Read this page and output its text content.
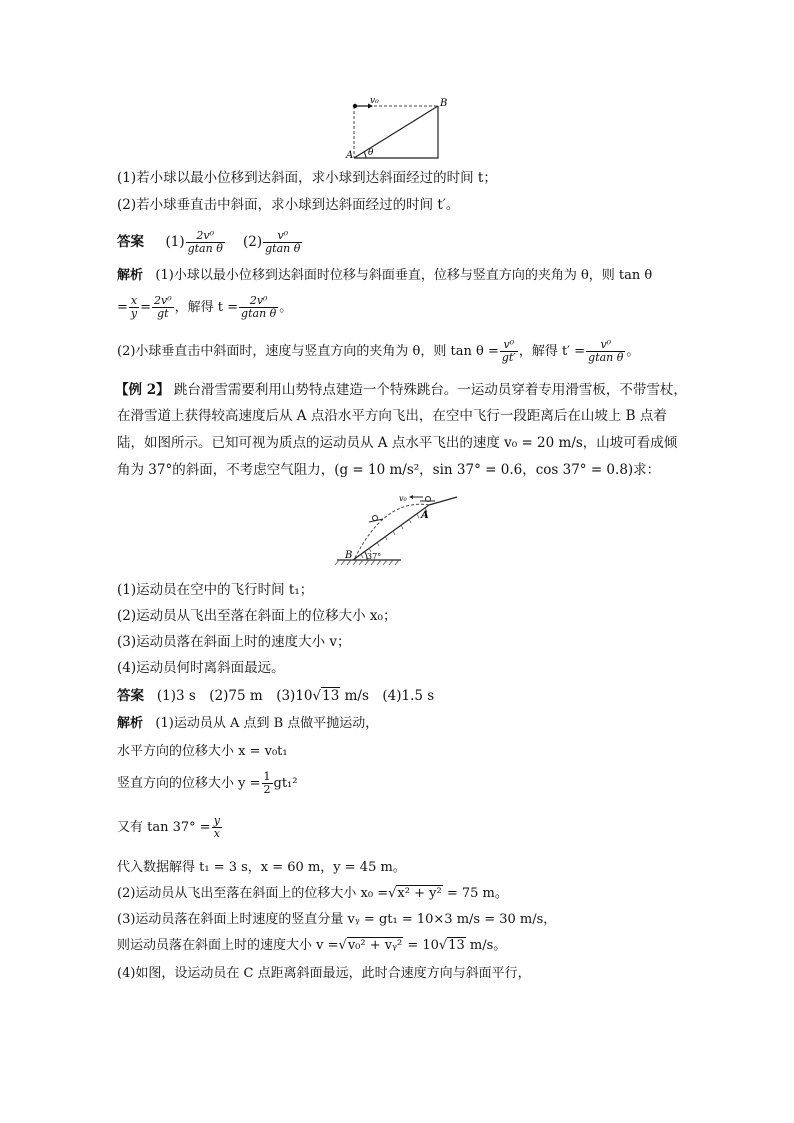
v₀	B
A θ
(1)若小球以最小位移到达斜面，求小球到达斜面经过的时间 t；
(2)若小球垂直击中斜面，求小球到达斜面经过的时间 t′。
答案 $(1) \frac{\text{2v⁰}}{\text{gtan θ}} (2) \frac{\text{v⁰}}{\text{gtan θ}}$
解析 (1)小球以最小位移到达斜面时位移与斜面垂直，位移与竖直方向的夹角为 θ，则 tan θ
= $\frac{x}{y} = \frac{\text{2v⁰}}{gt}$ ，解得 $t = \frac{\text{2v⁰}}{\text{gtan θ}}$ 。
(2)小球垂直击中斜面时，速度与竖直方向的夹角为 θ，则 $\tan \theta = \frac{\text{v⁰}}{gt'}$ ，解得 $t' = \frac{\text{v⁰}}{\text{gtan θ}}$ 。
【例 2】 跳台滑雪需要利用山势特点建造一个特殊跳台。一运动员穿着专用滑雪板，不带雪杖，
在滑雪道上获得较高速度后从 A 点沿水平方向飞出，在空中飞行一段距离后在山坡上 B 点着
陆，如图所示。已知可视为质点的运动员从 A 点水平飞出的速度 v₀ = 20 m/s，山坡可看成倾
角为 37°的斜面，不考虑空气阻力，(g = 10 m/s²，sin 37° = 0.6，cos 37° = 0.8)求：
v₀
A
B 37°
(1)运动员在空中的飞行时间 t₁；
(2)运动员从飞出至落在斜面上的位移大小 x₀；
(3)运动员落在斜面上时的速度大小 v；
(4)运动员何时离斜面最远。
答案 (1)3 s　(2)75 m　(3)10√13 m/s　(4)1.5 s
解析 (1)运动员从 A 点到 B 点做平抛运动，
水平方向的位移大小 x = v₀t₁
竖直方向的位移大小 $y = \frac{1}{2} gt_1^2$
又有 $\tan 37^\circ = \frac{y}{x}$
代入数据解得 t₁ = 3 s，x = 60 m，y = 45 m。
(2)运动员从飞出至落在斜面上的位移大小 x₀ =√x² + y² = 75 m。
(3)运动员落在斜面上时速度的竖直分量 vᵧ = gt₁ = 10×3 m/s = 30 m/s，
则运动员落在斜面上时的速度大小 v =√v₀² + vᵧ² = 10√13 m/s。
(4)如图，设运动员在 C 点距离斜面最远，此时合速度方向与斜面平行，
